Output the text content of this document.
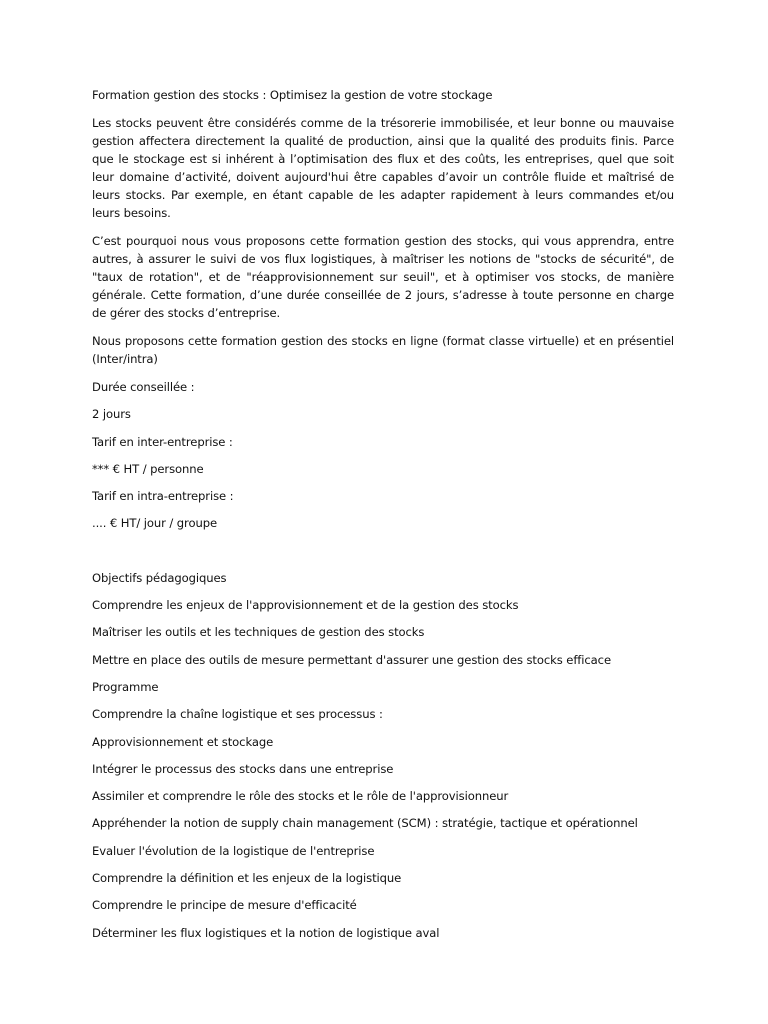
Formation gestion des stocks : Optimisez la gestion de votre stockage

Les stocks peuvent être considérés comme de la trésorerie immobilisée, et leur bonne ou mauvaise gestion affectera directement la qualité de production, ainsi que la qualité des produits finis. Parce que le stockage est si inhérent à l’optimisation des flux et des coûts, les entreprises, quel que soit leur domaine d’activité, doivent aujourd'hui être capables d’avoir un contrôle fluide et maîtrisé de leurs stocks. Par exemple, en étant capable de les adapter rapidement à leurs commandes et/ou leurs besoins.

C’est pourquoi nous vous proposons cette formation gestion des stocks, qui vous apprendra, entre autres, à assurer le suivi de vos flux logistiques, à maîtriser les notions de "stocks de sécurité", de "taux de rotation", et de "réapprovisionnement sur seuil", et à optimiser vos stocks, de manière générale. Cette formation, d’une durée conseillée de 2 jours, s’adresse à toute personne en charge de gérer des stocks d’entreprise.

Nous proposons cette formation gestion des stocks en ligne (format classe virtuelle) et en présentiel (Inter/intra)

Durée conseillée :

2 jours

Tarif en inter-entreprise :

*** € HT / personne

Tarif en intra-entreprise :

.... € HT/ jour / groupe

Objectifs pédagogiques

Comprendre les enjeux de l'approvisionnement et de la gestion des stocks

Maîtriser les outils et les techniques de gestion des stocks

Mettre en place des outils de mesure permettant d'assurer une gestion des stocks efficace

Programme

Comprendre la chaîne logistique et ses processus :

Approvisionnement et stockage

Intégrer le processus des stocks dans une entreprise

Assimiler et comprendre le rôle des stocks et le rôle de l'approvisionneur

Appréhender la notion de supply chain management (SCM) : stratégie, tactique et opérationnel

Evaluer l'évolution de la logistique de l'entreprise

Comprendre la définition et les enjeux de la logistique

Comprendre le principe de mesure d'efficacité

Déterminer les flux logistiques et la notion de logistique aval
